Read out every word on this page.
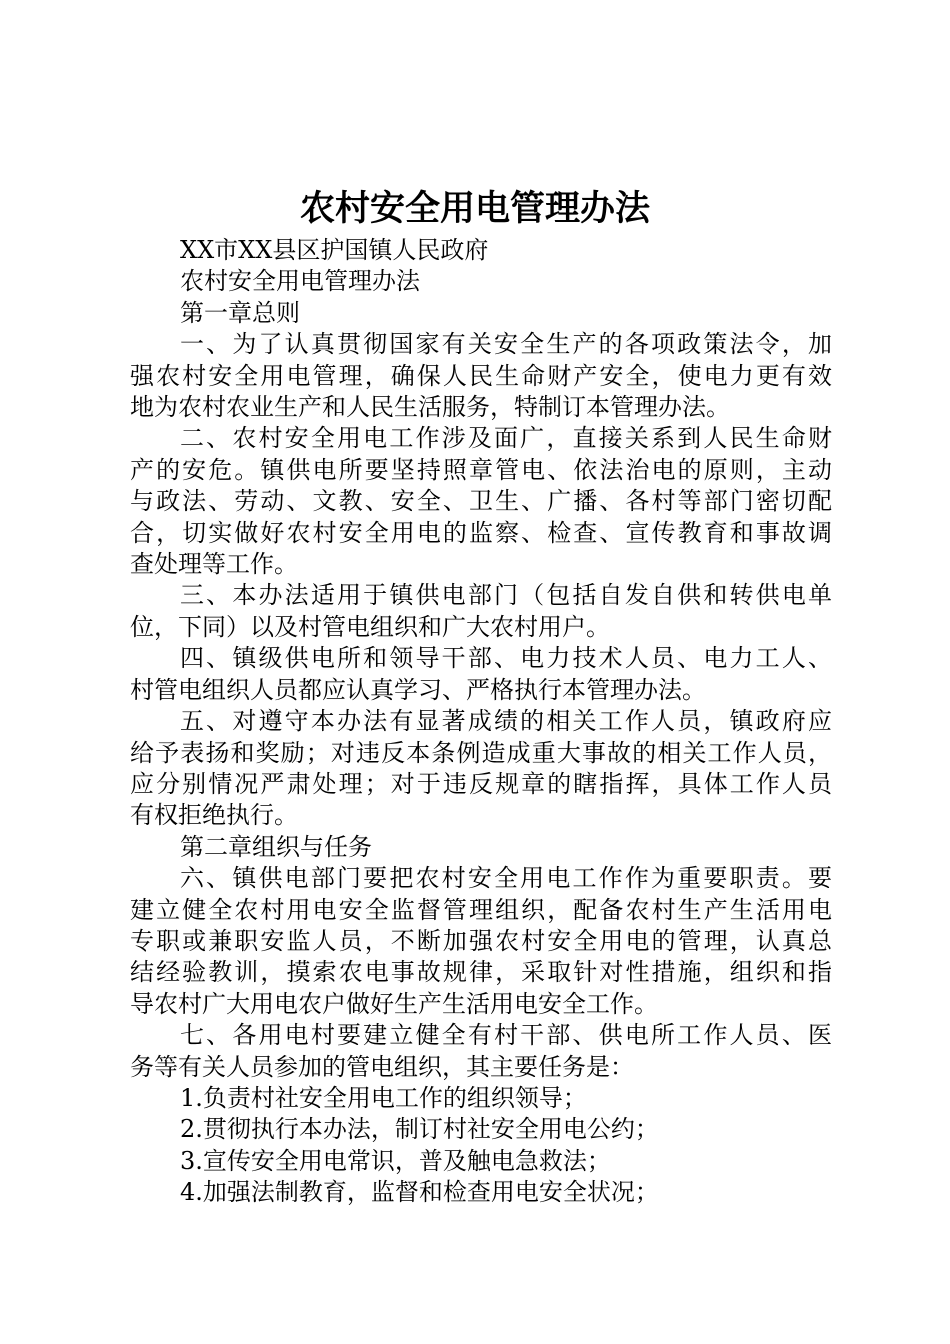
农村安全用电管理办法

XX市XX县区护国镇人民政府

农村安全用电管理办法

第一章总则

一、为了认真贯彻国家有关安全生产的各项政策法令，加

强农村安全用电管理，确保人民生命财产安全，使电力更有效

地为农村农业生产和人民生活服务，特制订本管理办法。

二、农村安全用电工作涉及面广，直接关系到人民生命财

产的安危。镇供电所要坚持照章管电、依法治电的原则，主动

与政法、劳动、文教、安全、卫生、广播、各村等部门密切配

合，切实做好农村安全用电的监察、检查、宣传教育和事故调

查处理等工作。

三、本办法适用于镇供电部门（包括自发自供和转供电单

位，下同）以及村管电组织和广大农村用户。

四、镇级供电所和领导干部、电力技术人员、电力工人、

村管电组织人员都应认真学习、严格执行本管理办法。

五、对遵守本办法有显著成绩的相关工作人员，镇政府应

给予表扬和奖励；对违反本条例造成重大事故的相关工作人员，

应分别情况严肃处理；对于违反规章的瞎指挥，具体工作人员

有权拒绝执行。

第二章组织与任务

六、镇供电部门要把农村安全用电工作作为重要职责。要

建立健全农村用电安全监督管理组织，配备农村生产生活用电

专职或兼职安监人员，不断加强农村安全用电的管理，认真总

结经验教训，摸索农电事故规律，采取针对性措施，组织和指

导农村广大用电农户做好生产生活用电安全工作。

七、各用电村要建立健全有村干部、供电所工作人员、医

务等有关人员参加的管电组织，其主要任务是：

1.负责村社安全用电工作的组织领导；

2.贯彻执行本办法，制订村社安全用电公约；

3.宣传安全用电常识，普及触电急救法；

4.加强法制教育，监督和检查用电安全状况；
